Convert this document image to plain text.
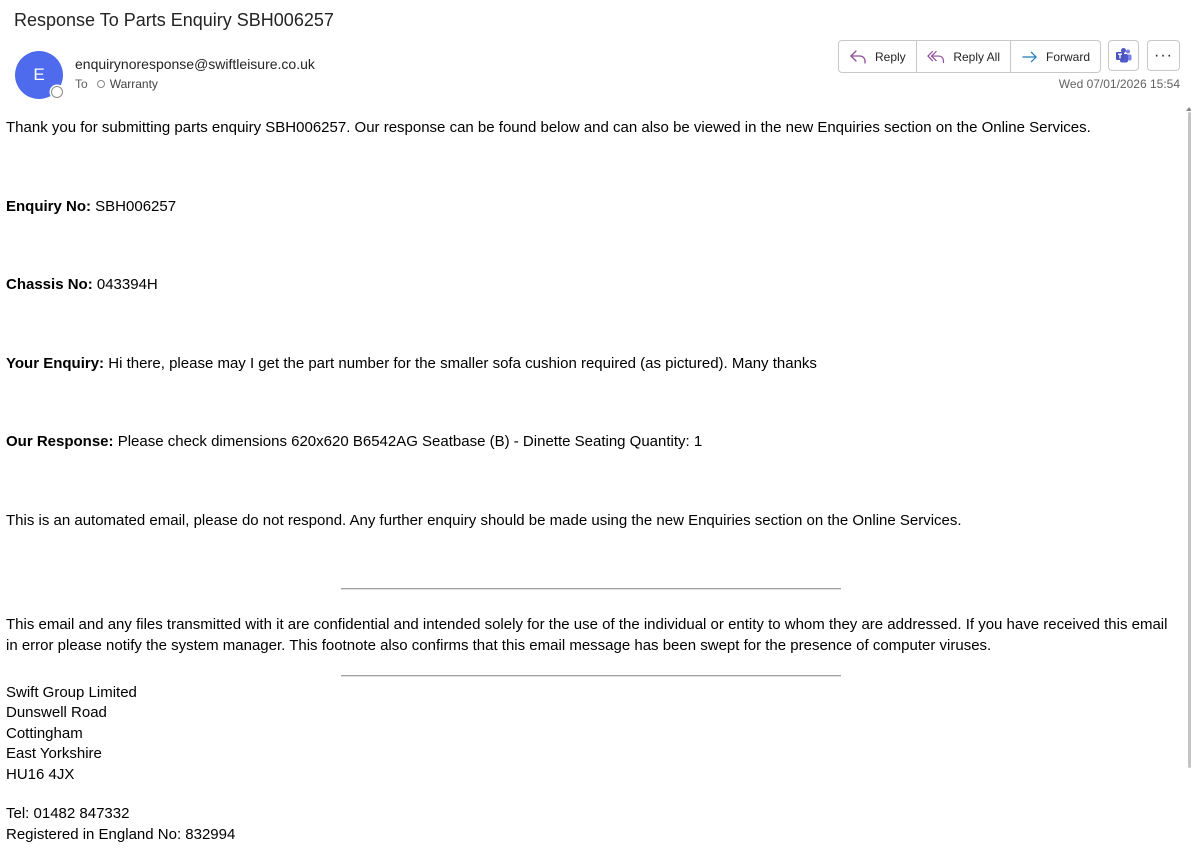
Response To Parts Enquiry SBH006257
E
enquirynoresponse@swiftleisure.co.uk
To Warranty
Reply	Reply All	Forward	···
Wed 07/01/2026 15:54
Thank you for submitting parts enquiry SBH006257. Our response can be found below and can also be viewed in the new Enquiries section on the Online Services.
Enquiry No: SBH006257
Chassis No: 043394H
Your Enquiry: Hi there, please may I get the part number for the smaller sofa cushion required (as pictured). Many thanks
Our Response: Please check dimensions 620x620 B6542AG Seatbase (B) - Dinette Seating Quantity: 1
This is an automated email, please do not respond. Any further enquiry should be made using the new Enquiries section on the Online Services.
This email and any files transmitted with it are confidential and intended solely for the use of the individual or entity to whom they are addressed. If you have received this email in error please notify the system manager. This footnote also confirms that this email message has been swept for the presence of computer viruses.
Swift Group Limited
Dunswell Road
Cottingham
East Yorkshire
HU16 4JX
Tel: 01482 847332
Registered in England No: 832994
